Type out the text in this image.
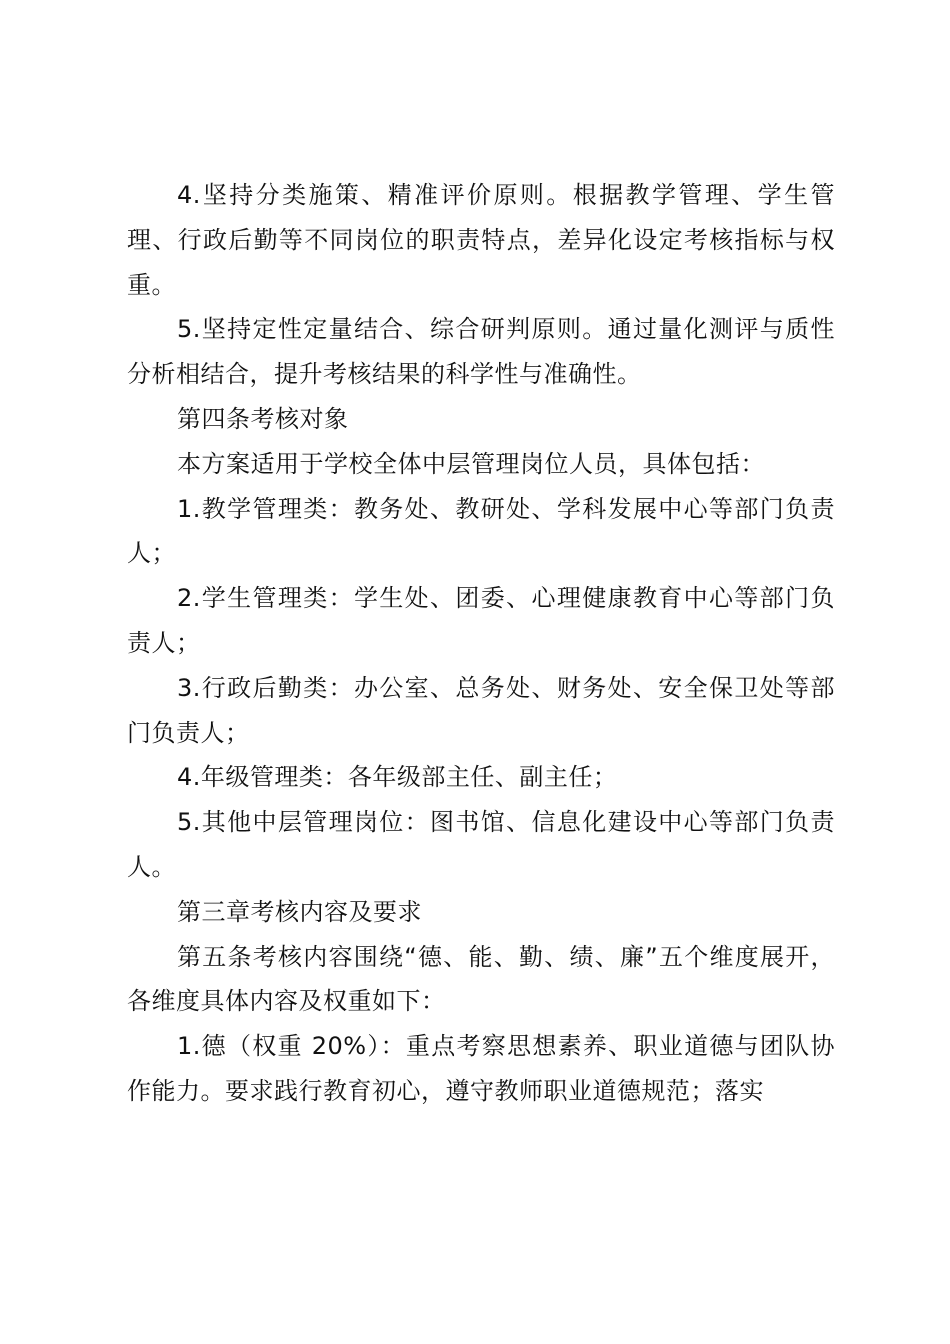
4.坚持分类施策、精准评价原则。根据教学管理、学生管理、行政后勤等不同岗位的职责特点，差异化设定考核指标与权重。

5.坚持定性定量结合、综合研判原则。通过量化测评与质性分析相结合，提升考核结果的科学性与准确性。

第四条考核对象

本方案适用于学校全体中层管理岗位人员，具体包括：

1.教学管理类：教务处、教研处、学科发展中心等部门负责人；

2.学生管理类：学生处、团委、心理健康教育中心等部门负责人；

3.行政后勤类：办公室、总务处、财务处、安全保卫处等部门负责人；

4.年级管理类：各年级部主任、副主任；

5.其他中层管理岗位：图书馆、信息化建设中心等部门负责人。

第三章考核内容及要求

第五条考核内容围绕“德、能、勤、绩、廉”五个维度展开，各维度具体内容及权重如下：

1.德（权重 20%）：重点考察思想素养、职业道德与团队协作能力。要求践行教育初心，遵守教师职业道德规范；落实
